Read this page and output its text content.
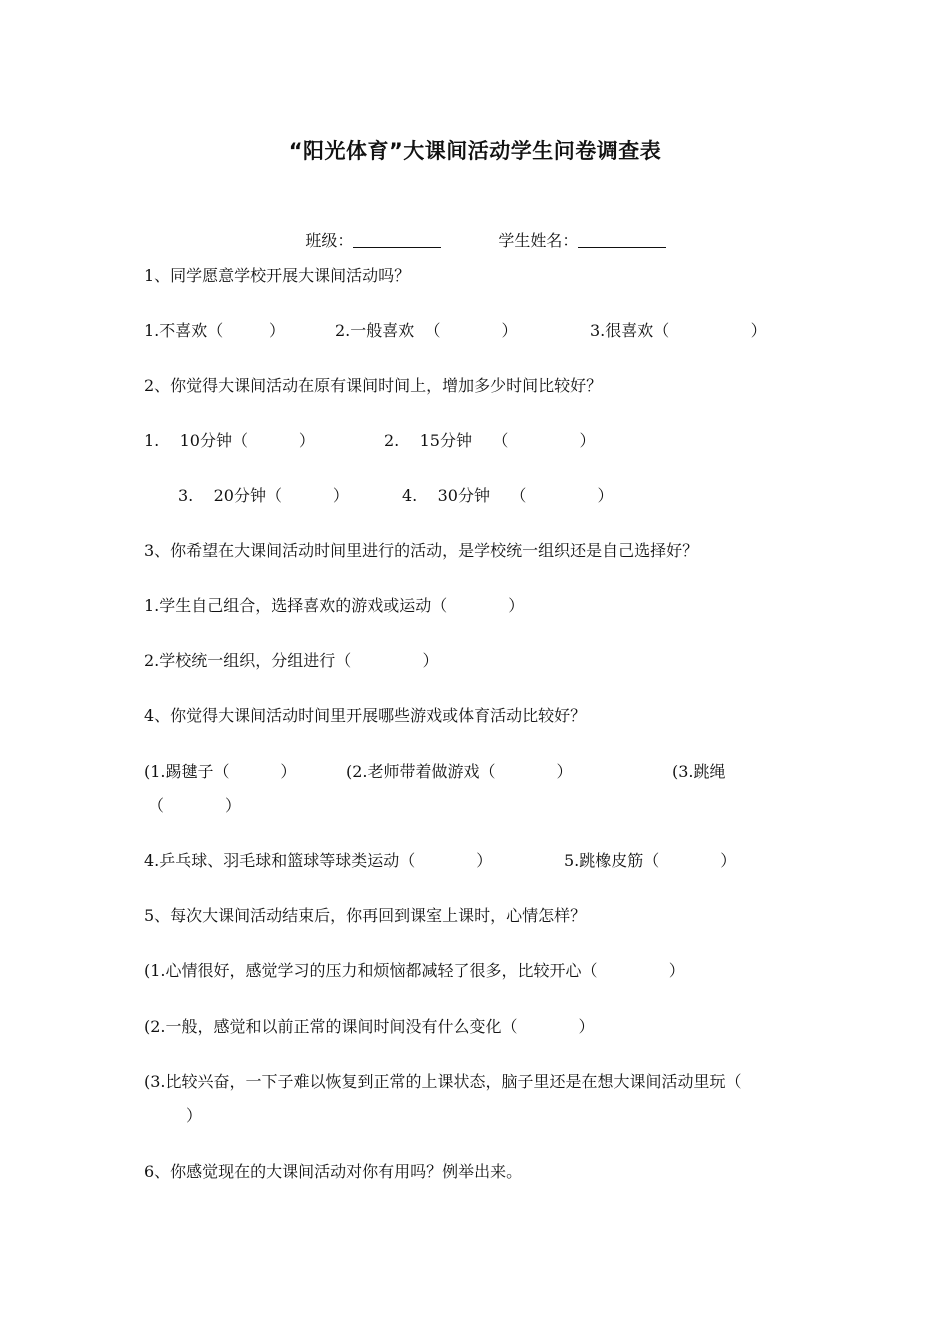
“阳光体育”大课间活动学生问卷调查表

班级：
	学生姓名：

1、同学愿意学校开展大课间活动吗？
1.不喜欢（         ）	2.一般喜欢  （            ）	3.很喜欢（                ）
2、你觉得大课间活动在原有课间时间上，增加多少时间比较好？
1.    10分钟（          ）	2.    15分钟    （              ）
3.    20分钟（          ）	4.    30分钟    （              ）
3、你希望在大课间活动时间里进行的活动，是学校统一组织还是自己选择好？
1.学生自己组合，选择喜欢的游戏或运动（            ）
2.学校统一组织，分组进行（              ）
4、你觉得大课间活动时间里开展哪些游戏或体育活动比较好？
(1.踢毽子（          ）	(2.老师带着做游戏（            ）	(3.跳绳
（            ）
4.乒乓球、羽毛球和篮球等球类运动（            ）	5.跳橡皮筋（            ）
5、每次大课间活动结束后，你再回到课室上课时，心情怎样？
(1.心情很好，感觉学习的压力和烦恼都减轻了很多，比较开心（              ）
(2.一般，感觉和以前正常的课间时间没有什么变化（            ）
(3.比较兴奋，一下子难以恢复到正常的上课状态，脑子里还是在想大课间活动里玩（
）
6、你感觉现在的大课间活动对你有用吗？例举出来。
